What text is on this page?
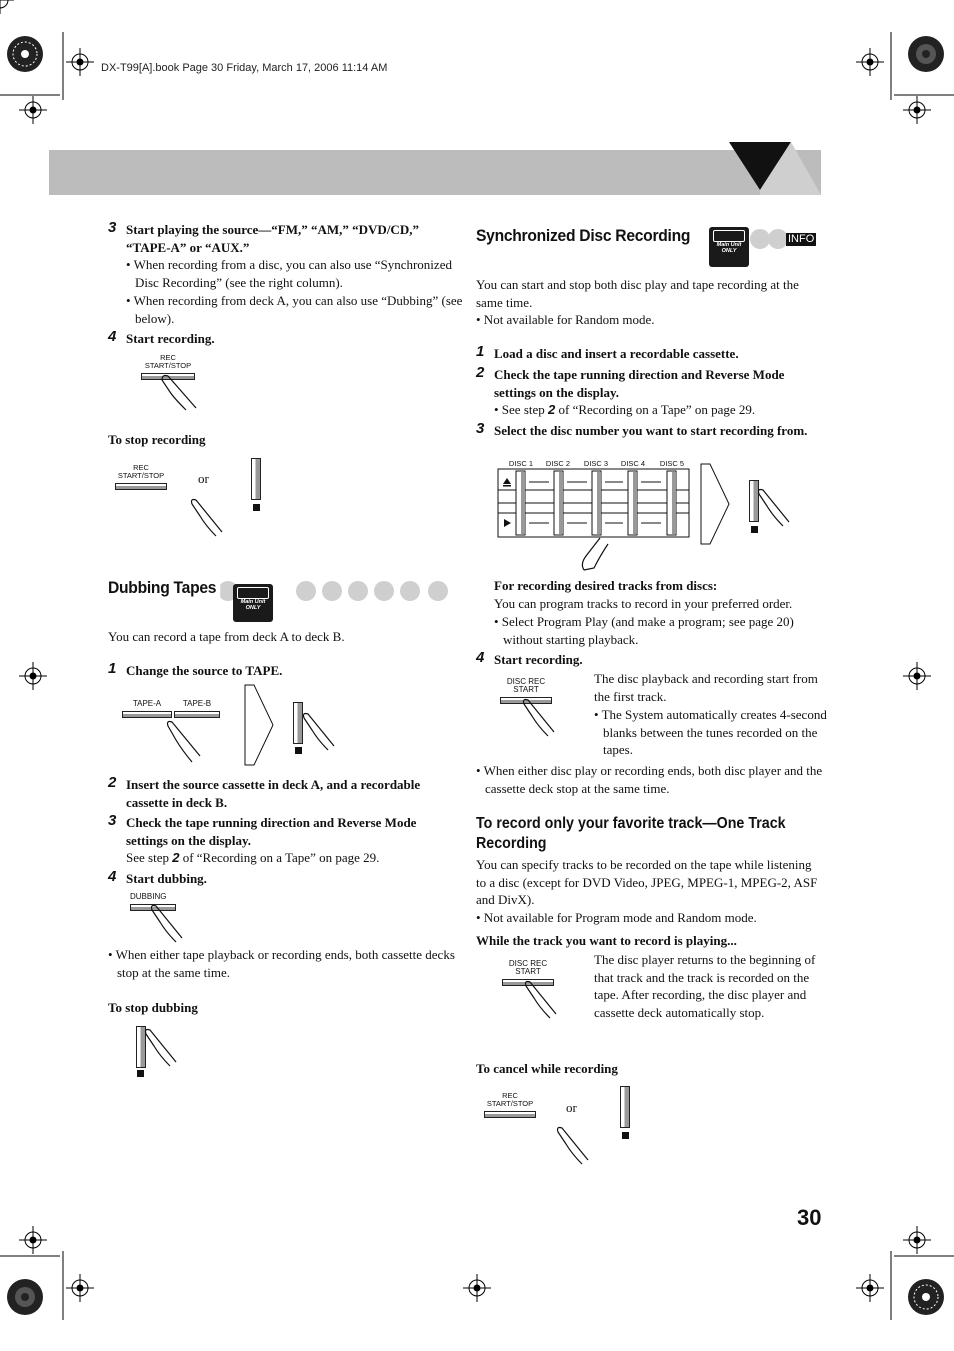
DX-T99[A].book Page 30 Friday, March 17, 2006 11:14 AM
3 Start playing the source—“FM,” “AM,” “DVD/CD,” “TAPE-A” or “AUX.”
• When recording from a disc, you can also use “Synchronized Disc Recording” (see the right column).
• When recording from deck A, you can also use “Dubbing” (see below).
4 Start recording.
REC
START/STOP
To stop recording
REC
START/STOP	or
Dubbing Tapes
Main Unit
ONLY
You can record a tape from deck A to deck B.
1 Change the source to TAPE.
TAPE-A	TAPE-B
2 Insert the source cassette in deck A, and a recordable cassette in deck B.
3 Check the tape running direction and Reverse Mode settings on the display.
See step 2 of “Recording on a Tape” on page 29.
4 Start dubbing.
DUBBING
• When either tape playback or recording ends, both cassette decks stop at the same time.
To stop dubbing
Synchronized Disc Recording	Main Unit
ONLY
INFO
You can start and stop both disc play and tape recording at the same time.
• Not available for Random mode.
1 Load a disc and insert a recordable cassette.
2 Check the tape running direction and Reverse Mode settings on the display.
• See step 2 of “Recording on a Tape” on page 29.
3 Select the disc number you want to start recording from.
DISC 1 DISC 2 DISC 3 DISC 4 DISC 5
For recording desired tracks from discs:
You can program tracks to record in your preferred order.
• Select Program Play (and make a program; see page 20) without starting playback.
4 Start recording.
DISC REC
START
The disc playback and recording start from the first track.
• The System automatically creates 4-second blanks between the tunes recorded on the tapes.
• When either disc play or recording ends, both disc player and the cassette deck stop at the same time.
To record only your favorite track—One Track Recording
You can specify tracks to be recorded on the tape while listening to a disc (except for DVD Video, JPEG, MPEG-1, MPEG-2, ASF and DivX).
• Not available for Program mode and Random mode.
While the track you want to record is playing...
DISC REC
START
The disc player returns to the beginning of that track and the track is recorded on the tape. After recording, the disc player and cassette deck automatically stop.
To cancel while recording
REC
START/STOP	or
30
